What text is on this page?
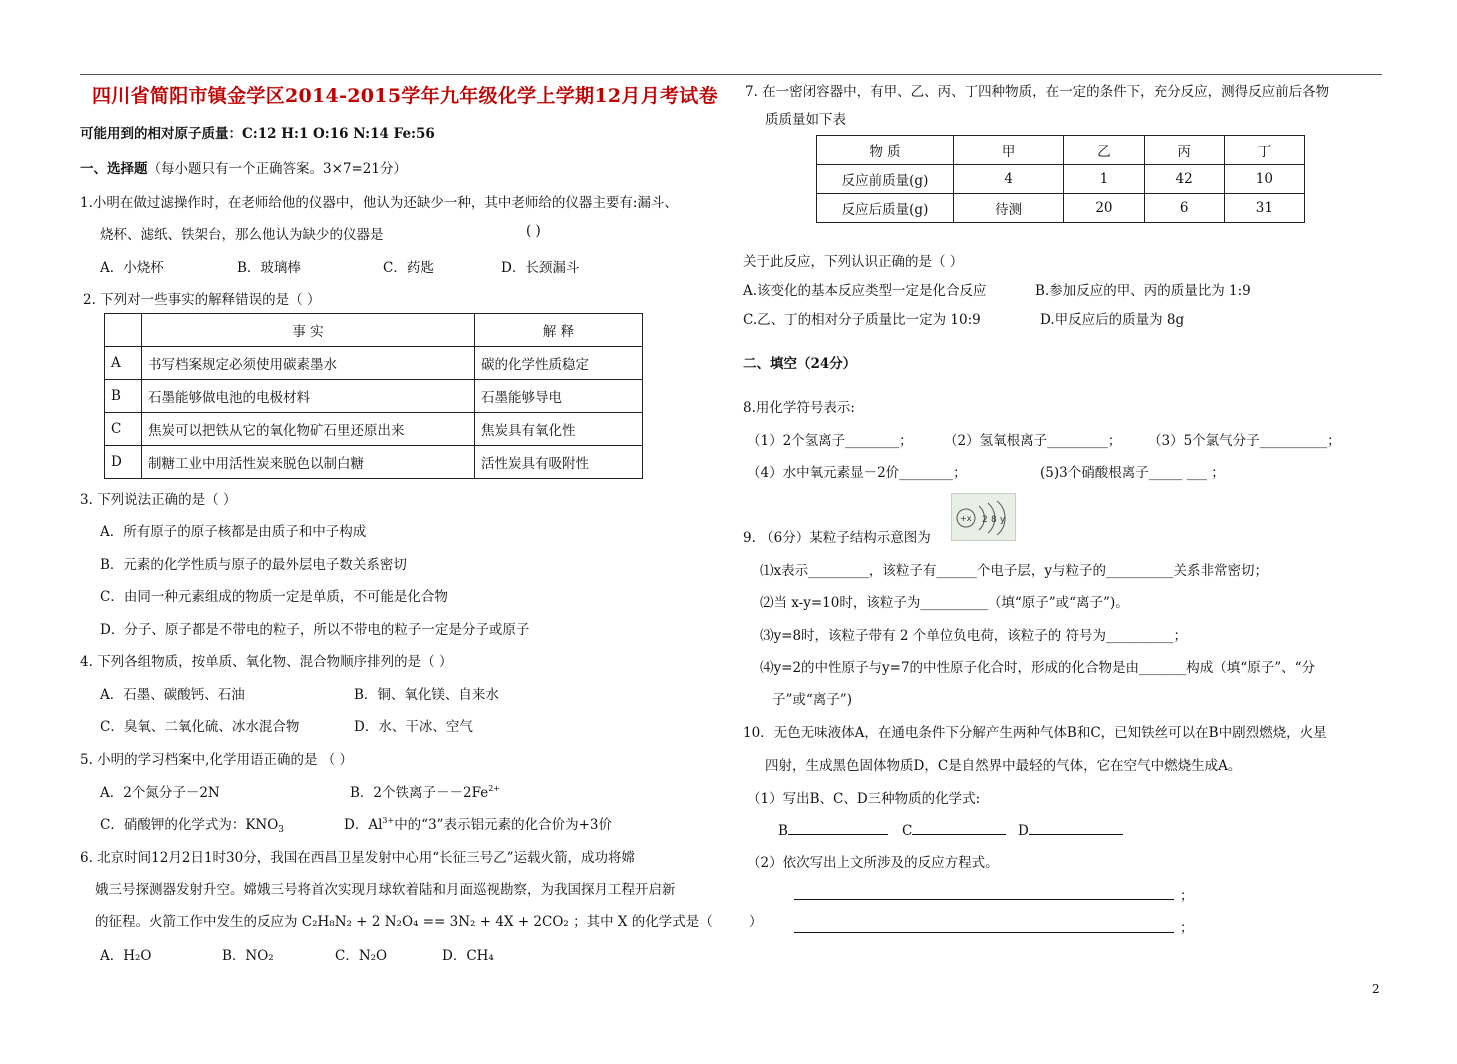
四川省简阳市镇金学区2014-2015学年九年级化学上学期12月月考试卷
可能用到的相对原子质量：C:12 H:1 O:16 N:14 Fe:56
一、选择题（每小题只有一个正确答案。3×7=21分）
1.小明在做过滤操作时，在老师给他的仪器中，他认为还缺少一种，其中老师给的仪器主要有:漏斗、
烧杯、滤纸、铁架台，那么他认为缺少的仪器是	( )
A．小烧杯	B．玻璃棒	C．药匙	D．长颈漏斗
2. 下列对一些事实的解释错误的是（ ）
	事 实	解 释
A	书写档案规定必须使用碳素墨水	碳的化学性质稳定
B	石墨能够做电池的电极材料	石墨能够导电
C	焦炭可以把铁从它的氧化物矿石里还原出来	焦炭具有氧化性
D	制糖工业中用活性炭来脱色以制白糖	活性炭具有吸附性
3. 下列说法正确的是（ ）
A．所有原子的原子核都是由质子和中子构成
B．元素的化学性质与原子的最外层电子数关系密切
C．由同一种元素组成的物质一定是单质，不可能是化合物
D．分子、原子都是不带电的粒子，所以不带电的粒子一定是分子或原子
4. 下列各组物质，按单质、氧化物、混合物顺序排列的是（ ）
A．石墨、碳酸钙、石油	B．铜、氧化镁、自来水
C．臭氧、二氧化硫、冰水混合物	D．水、干冰、空气
5. 小明的学习档案中,化学用语正确的是 （ ）
A．2个氮分子－2N	B．2个铁离子$--2Fe^{2+}$
C．硝酸钾的化学式为：$KNO_3$	D．$Al^{3+}$中的“3”表示铝元素的化合价为+3价
6. 北京时间12月2日1时30分，我国在西昌卫星发射中心用“长征三号乙”运载火箭，成功将嫦
娥三号探测器发射升空。嫦娥三号将首次实现月球软着陆和月面巡视勘察，为我国探月工程开启新
的征程。火箭工作中发生的反应为 C₂H₈N₂ + 2 N₂O₄ == 3N₂ + 4X + 2CO₂ ；其中 X 的化学式是（
A．H₂O	B．NO₂	C．N₂O	D．CH₄
7. 在一密闭容器中，有甲、乙、丙、丁四种物质，在一定的条件下，充分反应，测得反应前后各物
质质量如下表
物 质	甲	乙	丙	丁
反应前质量(g)	4	1	42	10
反应后质量(g)	待测	20	6	31
关于此反应，下列认识正确的是（ ）
A.该变化的基本反应类型一定是化合反应	B.参加反应的甲、丙的质量比为 1:9
C.乙、丁的相对分子质量比一定为 10:9	D.甲反应后的质量为 8g
二、填空（24分）
8.用化学符号表示:
（1）2个氢离子________； （2）氢氧根离子_________； （3）5个氯气分子__________；
（4）水中氧元素显－2价________；	(5)3个硝酸根离子_____ ___ ；
9. （6分）某粒子结构示意图为
+x 2 8 y
⑴x表示_________，该粒子有______个电子层，y与粒子的__________关系非常密切；
⑵当 x-y=10时，该粒子为__________（填“原子”或“离子”)。
⑶y=8时，该粒子带有 2 个单位负电荷，该粒子的 符号为__________；
⑷y=2的中性原子与y=7的中性原子化合时，形成的化合物是由_______构成（填“原子”、“分
子”或“离子”)
10．无色无味液体A，在通电条件下分解产生两种气体B和C，已知铁丝可以在B中剧烈燃烧，火星
四射，生成黑色固体物质D，C是自然界中最轻的气体，它在空气中燃烧生成A。
（1）写出B、C、D三种物质的化学式:
B	C	D
（2）依次写出上文所涉及的反应方程式。
；
）	；
2
